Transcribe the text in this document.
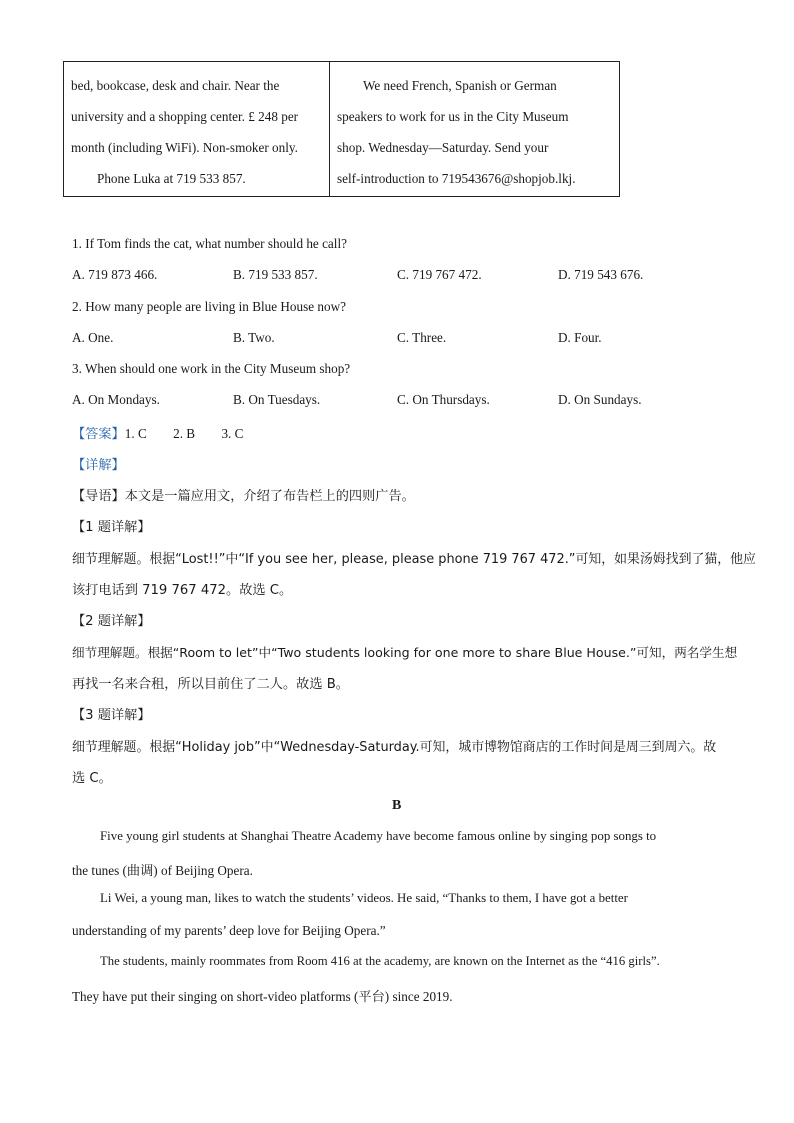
bed, bookcase, desk and chair. Near the
university and a shopping center. £ 248 per
month (including WiFi). Non-smoker only.
Phone Luka at 719 533 857.

We need French, Spanish or German
speakers to work for us in the City Museum
shop. Wednesday—Saturday. Send your
self-introduction to 719543676@shopjob.lkj.
1. If Tom finds the cat, what number should he call?
A. 719 873 466.	B. 719 533 857.	C. 719 767 472.	D. 719 543 676.
2. How many people are living in Blue House now?
A. One.	B. Two.	C. Three.	D. Four.
3. When should one work in the City Museum shop?
A. On Mondays.	B. On Tuesdays.	C. On Thursdays.	D. On Sundays.
【答案】1. C        2. B        3. C
【详解】
【导语】本文是一篇应用文，介绍了布告栏上的四则广告。
【1 题详解】
细节理解题。根据“Lost!!”中“If you see her, please, please phone 719 767 472.”可知，如果汤姆找到了猫，他应
该打电话到 719 767 472。故选 C。
【2 题详解】
细节理解题。根据“Room to let”中“Two students looking for one more to share Blue House.”可知，两名学生想
再找一名来合租，所以目前住了二人。故选 B。
【3 题详解】
细节理解题。根据“Holiday job”中“Wednesday-Saturday.可知，城市博物馆商店的工作时间是周三到周六。故
选 C。
B
Five young girl students at Shanghai Theatre Academy have become famous online by singing pop songs to
the tunes (曲调) of Beijing Opera.
Li Wei, a young man, likes to watch the students’ videos. He said, “Thanks to them, I have got a better
understanding of my parents’ deep love for Beijing Opera.”
The students, mainly roommates from Room 416 at the academy, are known on the Internet as the “416 girls”.
They have put their singing on short-video platforms (平台) since 2019.
